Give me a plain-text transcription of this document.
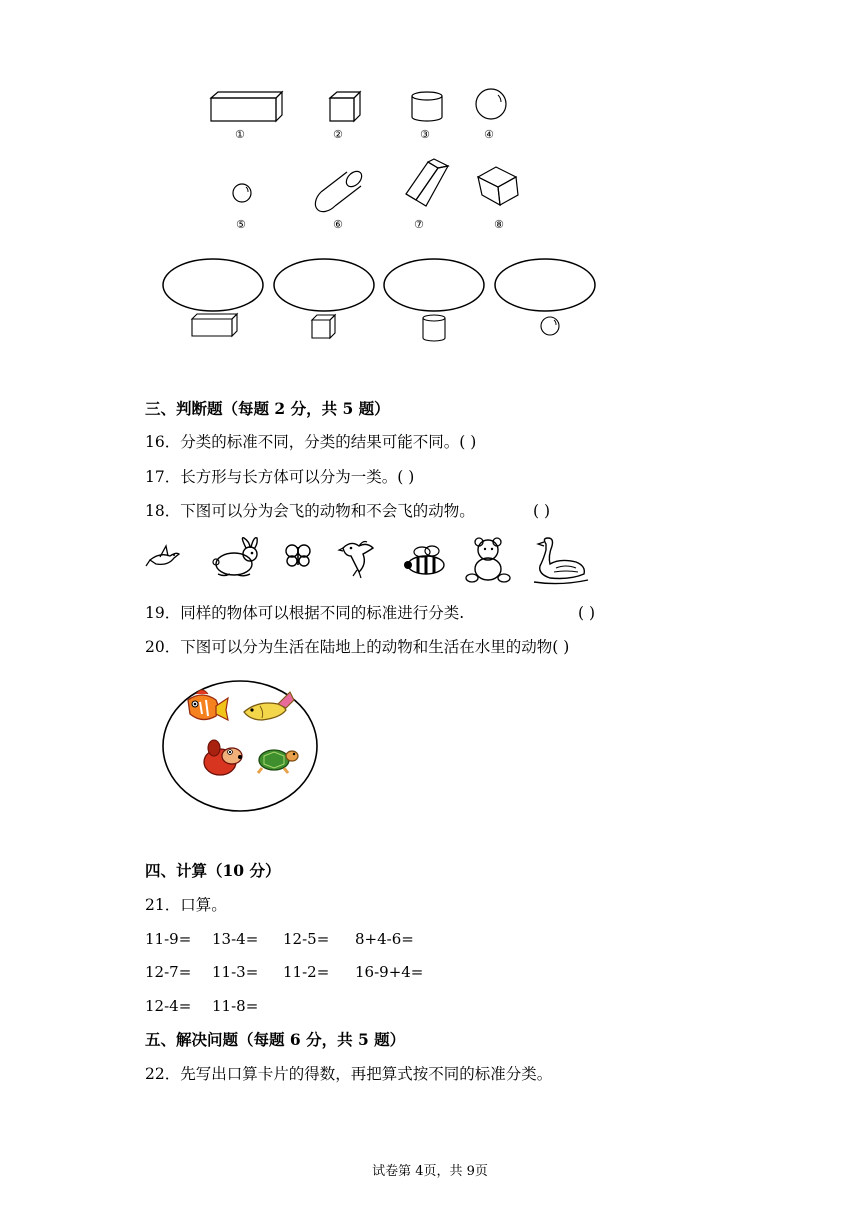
①	②	③	④
⑤	⑥	⑦	⑧
三、判断题（每题 2 分，共 5 题）
16．分类的标准不同，分类的结果可能不同。( )
17．长方形与长方体可以分为一类。( )
18．下图可以分为会飞的动物和不会飞的动物。	( )
19．同样的物体可以根据不同的标准进行分类.	( )
20．下图可以分为生活在陆地上的动物和生活在水里的动物( )
四、计算（10 分）
21．口算。
11-9= 13-4= 12-5= 8+4-6=
12-7= 11-3= 11-2= 16-9+4=
12-4= 11-8=
五、解决问题（每题 6 分，共 5 题）
22．先写出口算卡片的得数，再把算式按不同的标准分类。
试卷第 4页，共 9页
